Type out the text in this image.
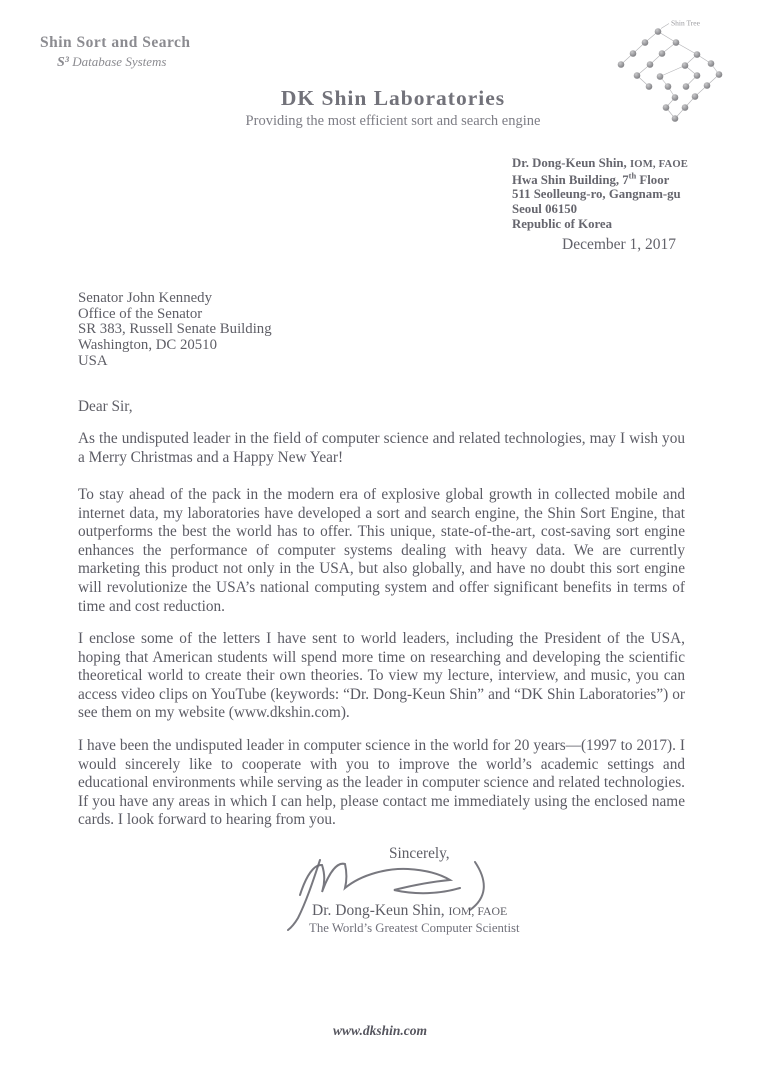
Shin Sort and Search
S³ Database Systems
Shin Tree
DK Shin Laboratories
Providing the most efficient sort and search engine
Dr. Dong-Keun Shin, IOM, FAOE
Hwa Shin Building, 7th Floor
511 Seolleung-ro, Gangnam-gu
Seoul 06150
Republic of Korea
December 1, 2017
Senator John Kennedy
Office of the Senator
SR 383, Russell Senate Building
Washington, DC 20510
USA
Dear Sir,

As the undisputed leader in the field of computer science and related technologies, may I wish you a Merry Christmas and a Happy New Year!

To stay ahead of the pack in the modern era of explosive global growth in collected mobile and internet data, my laboratories have developed a sort and search engine, the Shin Sort Engine, that outperforms the best the world has to offer. This unique, state-of-the-art, cost-saving sort engine enhances the performance of computer systems dealing with heavy data. We are currently marketing this product not only in the USA, but also globally, and have no doubt this sort engine will revolutionize the USA’s national computing system and offer significant benefits in terms of time and cost reduction.

I enclose some of the letters I have sent to world leaders, including the President of the USA, hoping that American students will spend more time on researching and developing the scientific theoretical world to create their own theories. To view my lecture, interview, and music, you can access video clips on YouTube (keywords: “Dr. Dong-Keun Shin” and “DK Shin Laboratories”) or see them on my website (www.dkshin.com).

I have been the undisputed leader in computer science in the world for 20 years—(1997 to 2017). I would sincerely like to cooperate with you to improve the world’s academic settings and educational environments while serving as the leader in computer science and related technologies. If you have any areas in which I can help, please contact me immediately using the enclosed name cards. I look forward to hearing from you.

Sincerely,
Dr. Dong-Keun Shin, IOM, FAOE
The World’s Greatest Computer Scientist
www.dkshin.com
